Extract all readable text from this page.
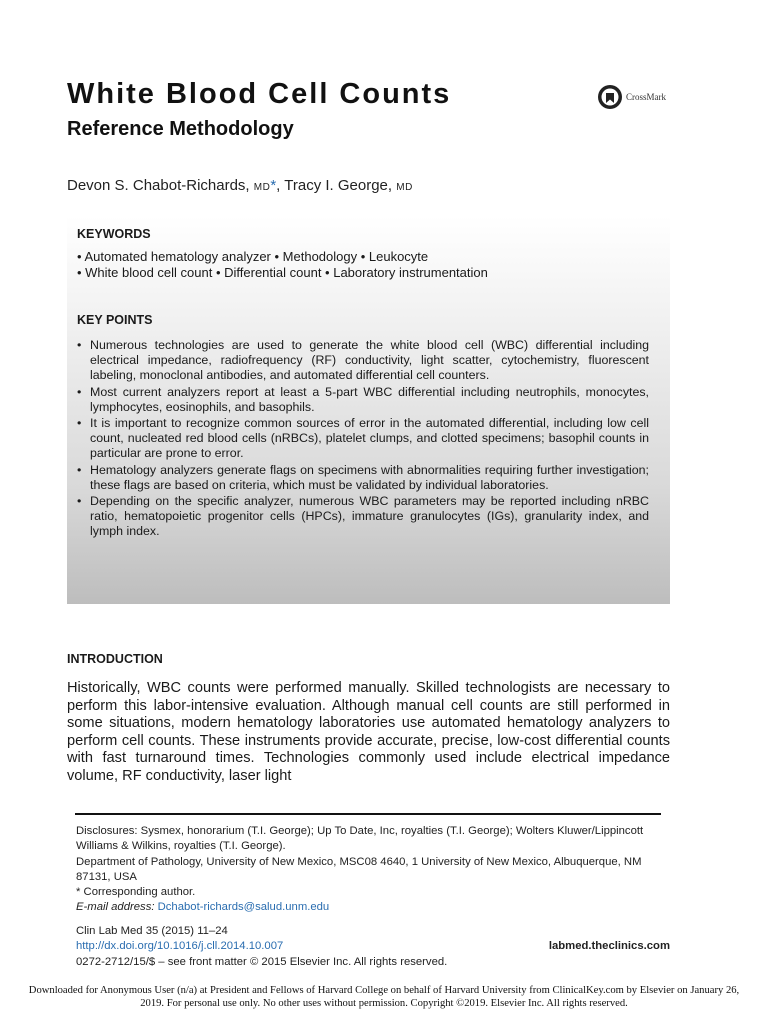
White Blood Cell Counts
Reference Methodology
CrossMark
Devon S. Chabot-Richards, MD*, Tracy I. George, MD
KEYWORDS
• Automated hematology analyzer • Methodology • Leukocyte
• White blood cell count • Differential count • Laboratory instrumentation
KEY POINTS
• Numerous technologies are used to generate the white blood cell (WBC) differential including electrical impedance, radiofrequency (RF) conductivity, light scatter, cytochemistry, fluorescent labeling, monoclonal antibodies, and automated differential cell counters.
• Most current analyzers report at least a 5-part WBC differential including neutrophils, monocytes, lymphocytes, eosinophils, and basophils.
• It is important to recognize common sources of error in the automated differential, including low cell count, nucleated red blood cells (nRBCs), platelet clumps, and clotted specimens; basophil counts in particular are prone to error.
• Hematology analyzers generate flags on specimens with abnormalities requiring further investigation; these flags are based on criteria, which must be validated by individual laboratories.
• Depending on the specific analyzer, numerous WBC parameters may be reported including nRBC ratio, hematopoietic progenitor cells (HPCs), immature granulocytes (IGs), granularity index, and lymph index.
INTRODUCTION

Historically, WBC counts were performed manually. Skilled technologists are necessary to perform this labor-intensive evaluation. Although manual cell counts are still performed in some situations, modern hematology laboratories use automated hematology analyzers to perform cell counts. These instruments provide accurate, precise, low-cost differential counts with fast turnaround times. Technologies commonly used include electrical impedance volume, RF conductivity, laser light

Disclosures: Sysmex, honorarium (T.I. George); Up To Date, Inc, royalties (T.I. George); Wolters Kluwer/Lippincott Williams & Wilkins, royalties (T.I. George).

Department of Pathology, University of New Mexico, MSC08 4640, 1 University of New Mexico, Albuquerque, NM 87131, USA

* Corresponding author.

E-mail address: Dchabot-richards@salud.unm.edu

Clin Lab Med 35 (2015) 11–24

http://dx.doi.org/10.1016/j.cll.2014.10.007	labmed.theclinics.com

0272-2712/15/$ – see front matter © 2015 Elsevier Inc. All rights reserved.

Downloaded for Anonymous User (n/a) at President and Fellows of Harvard College on behalf of Harvard University from ClinicalKey.com by Elsevier on January 26, 2019. For personal use only. No other uses without permission. Copyright ©2019. Elsevier Inc. All rights reserved.
